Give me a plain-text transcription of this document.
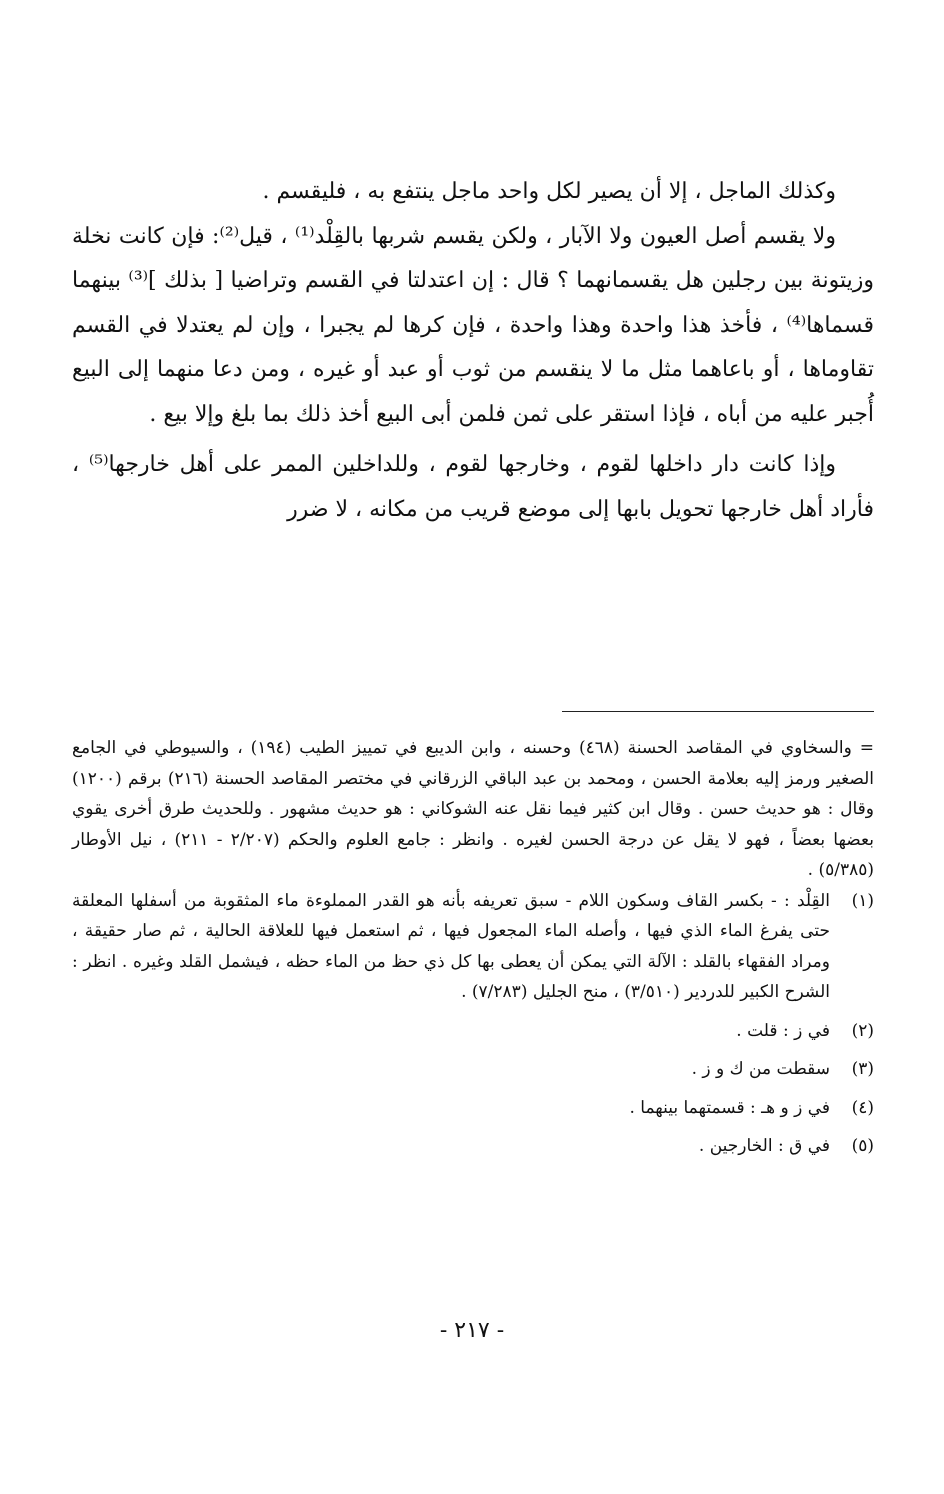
وكذلك الماجل ، إلا أن يصير لكل واحد ماجل ينتفع به ، فليقسم .

ولا يقسم أصل العيون ولا الآبار ، ولكن يقسم شربها بالقِلْد⁽¹⁾ ، قيل⁽²⁾: فإن كانت نخلة وزيتونة بين رجلين هل يقسمانهما ؟ قال : إن اعتدلتا في القسم وتراضيا [ بذلك ]⁽³⁾ بينهما قسماها⁽⁴⁾ ، فأخذ هذا واحدة وهذا واحدة ، فإن كرها لم يجبرا ، وإن لم يعتدلا في القسم تقاوماها ، أو باعاهما مثل ما لا ينقسم من ثوب أو عبد أو غيره ، ومن دعا منهما إلى البيع أُجبر عليه من أباه ، فإذا استقر على ثمن فلمن أبى البيع أخذ ذلك بما بلغ وإلا بيع .

وإذا كانت دار داخلها لقوم ، وخارجها لقوم ، وللداخلين الممر على أهل خارجها⁽⁵⁾ ، فأراد أهل خارجها تحويل بابها إلى موضع قريب من مكانه ، لا ضرر

= والسخاوي في المقاصد الحسنة (٤٦٨) وحسنه ، وابن الديبع في تمييز الطيب (١٩٤) ، والسيوطي في الجامع الصغير ورمز إليه بعلامة الحسن ، ومحمد بن عبد الباقي الزرقاني في مختصر المقاصد الحسنة (٢١٦) برقم (١٢٠٠) وقال : هو حديث حسن . وقال ابن كثير فيما نقل عنه الشوكاني : هو حديث مشهور . وللحديث طرق أخرى يقوي بعضها بعضاً ، فهو لا يقل عن درجة الحسن لغيره . وانظر : جامع العلوم والحكم (٢/٢٠٧ - ٢١١) ، نيل الأوطار (٥/٣٨٥) .

(١)
القِلْد : - بكسر القاف وسكون اللام - سبق تعريفه بأنه هو القدر المملوءة ماء المثقوبة من أسفلها المعلقة حتى يفرغ الماء الذي فيها ، وأصله الماء المجعول فيها ، ثم استعمل فيها للعلاقة الحالية ، ثم صار حقيقة ، ومراد الفقهاء بالقلد : الآلة التي يمكن أن يعطى بها كل ذي حظ من الماء حظه ، فيشمل القلد وغيره . انظر : الشرح الكبير للدردير (٣/٥١٠) ، منح الجليل (٧/٢٨٣) .

(٢)
في ز : قلت .

(٣)
سقطت من ك و ز .

(٤)
في ز و هـ : قسمتهما بينهما .

(٥)
في ق : الخارجين .

- ٢١٧ -
